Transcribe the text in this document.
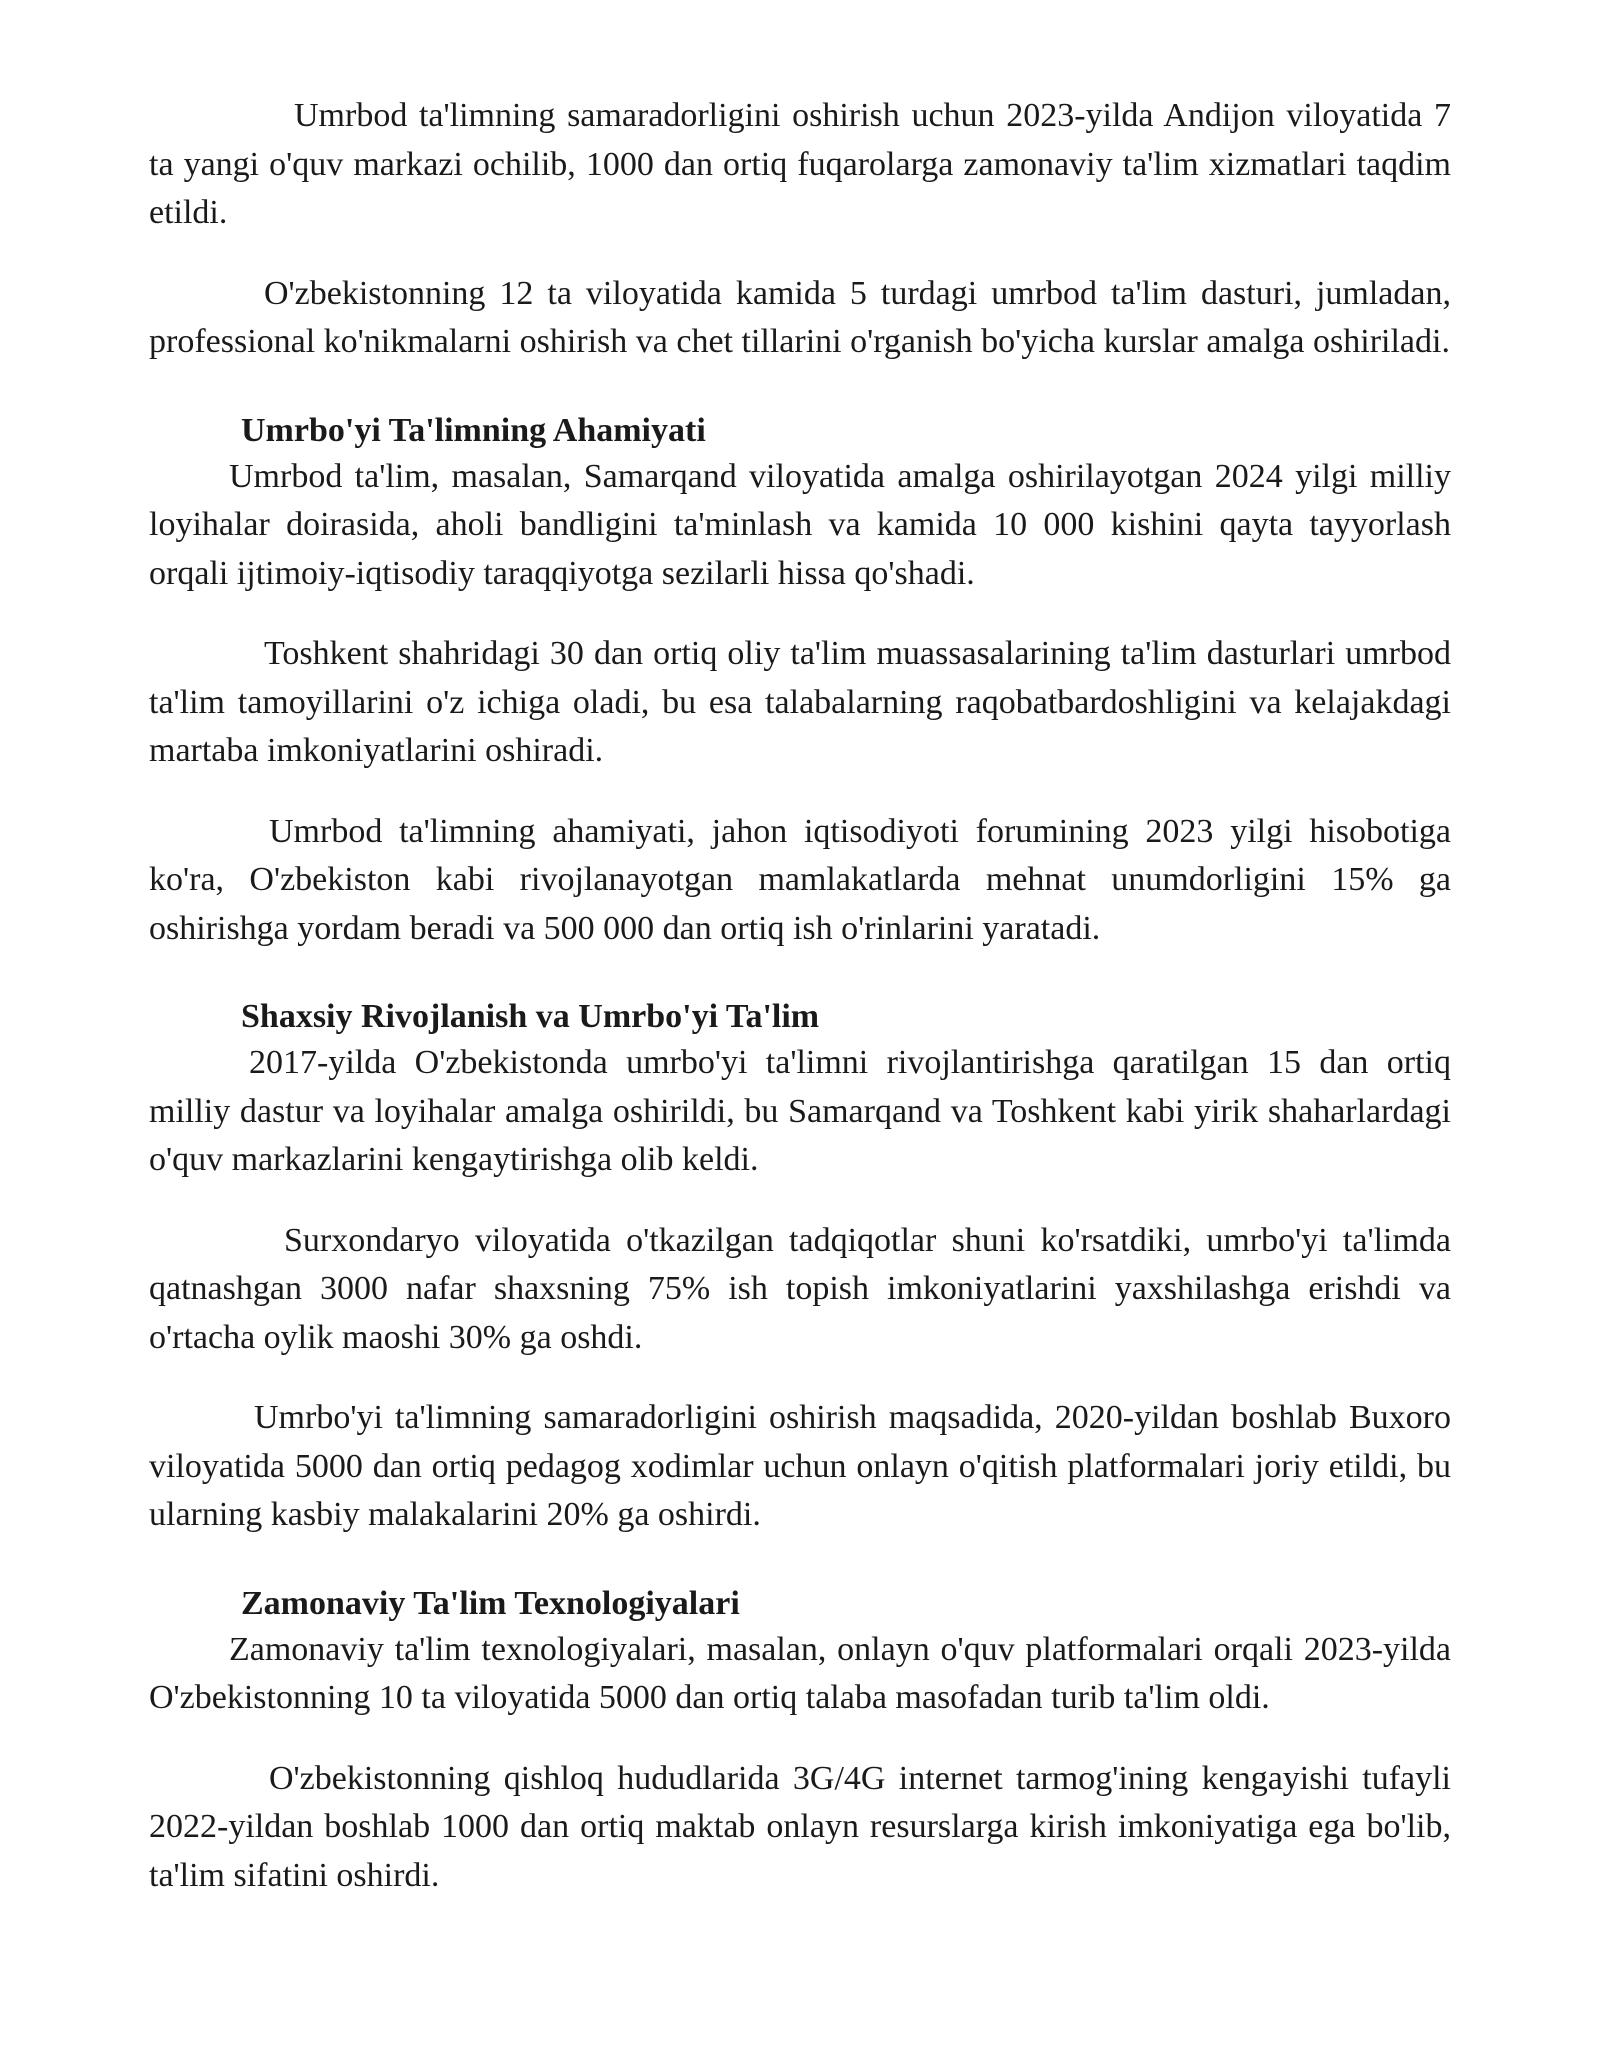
Umrbod ta'limning samaradorligini oshirish uchun 2023-yilda Andijon viloyatida 7 ta yangi o'quv markazi ochilib, 1000 dan ortiq fuqarolarga zamonaviy ta'lim xizmatlari taqdim etildi.

O'zbekistonning 12 ta viloyatida kamida 5 turdagi umrbod ta'lim dasturi, jumladan, professional ko'nikmalarni oshirish va chet tillarini o'rganish bo'yicha kurslar amalga oshiriladi.

Umrbo'yi Ta'limning Ahamiyati

Umrbod ta'lim, masalan, Samarqand viloyatida amalga oshirilayotgan 2024 yilgi milliy loyihalar doirasida, aholi bandligini ta'minlash va kamida 10 000 kishini qayta tayyorlash orqali ijtimoiy-iqtisodiy taraqqiyotga sezilarli hissa qo'shadi.

Toshkent shahridagi 30 dan ortiq oliy ta'lim muassasalarining ta'lim dasturlari umrbod ta'lim tamoyillarini o'z ichiga oladi, bu esa talabalarning raqobatbardoshligini va kelajakdagi martaba imkoniyatlarini oshiradi.

Umrbod ta'limning ahamiyati, jahon iqtisodiyoti forumining 2023 yilgi hisobotiga ko'ra, O'zbekiston kabi rivojlanayotgan mamlakatlarda mehnat unumdorligini 15% ga oshirishga yordam beradi va 500 000 dan ortiq ish o'rinlarini yaratadi.

Shaxsiy Rivojlanish va Umrbo'yi Ta'lim

2017-yilda O'zbekistonda umrbo'yi ta'limni rivojlantirishga qaratilgan 15 dan ortiq milliy dastur va loyihalar amalga oshirildi, bu Samarqand va Toshkent kabi yirik shaharlardagi o'quv markazlarini kengaytirishga olib keldi.

Surxondaryo viloyatida o'tkazilgan tadqiqotlar shuni ko'rsatdiki, umrbo'yi ta'limda qatnashgan 3000 nafar shaxsning 75% ish topish imkoniyatlarini yaxshilashga erishdi va o'rtacha oylik maoshi 30% ga oshdi.

Umrbo'yi ta'limning samaradorligini oshirish maqsadida, 2020-yildan boshlab Buxoro viloyatida 5000 dan ortiq pedagog xodimlar uchun onlayn o'qitish platformalari joriy etildi, bu ularning kasbiy malakalarini 20% ga oshirdi.

Zamonaviy Ta'lim Texnologiyalari

Zamonaviy ta'lim texnologiyalari, masalan, onlayn o'quv platformalari orqali 2023-yilda O'zbekistonning 10 ta viloyatida 5000 dan ortiq talaba masofadan turib ta'lim oldi.

O'zbekistonning qishloq hududlarida 3G/4G internet tarmog'ining kengayishi tufayli 2022-yildan boshlab 1000 dan ortiq maktab onlayn resurslarga kirish imkoniyatiga ega bo'lib, ta'lim sifatini oshirdi.
